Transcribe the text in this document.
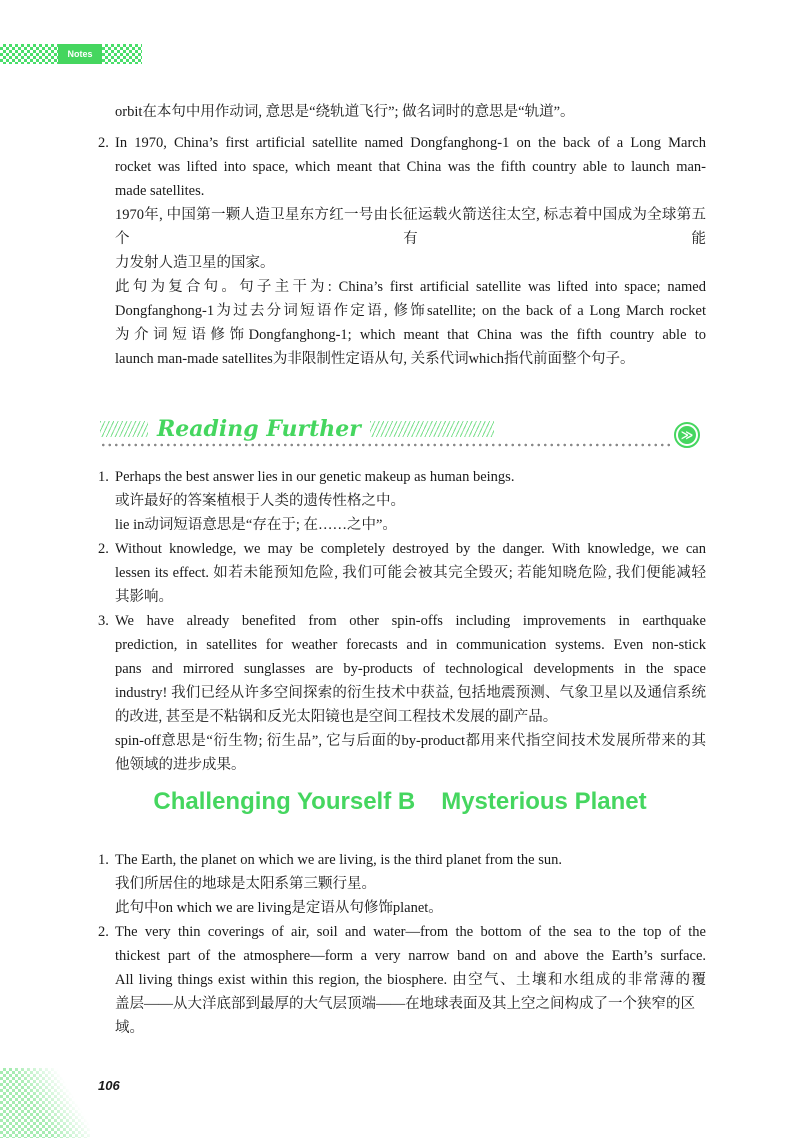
Notes
orbit在本句中用作动词, 意思是“绕轨道飞行”; 做名词时的意思是“轨道”。
2. In 1970, China’s first artificial satellite named Dongfanghong-1 on the back of a Long March
rocket was lifted into space, which meant that China was the fifth country able to launch man-
made satellites.
1970年, 中国第一颗人造卫星东方红一号由长征运载火箭送往太空, 标志着中国成为全球第五个有能
力发射人造卫星的国家。
此句为复合句。句子主干为: China’s first artificial satellite was lifted into space; named
Dongfanghong-1为过去分词短语作定语, 修饰satellite; on the back of a Long March rocket
为介词短语修饰Dongfanghong-1; which meant that China was the fifth country able to
launch man-made satellites为非限制性定语从句, 关系代词which指代前面整个句子。
Reading Further	≫
1. Perhaps the best answer lies in our genetic makeup as human beings.
或许最好的答案植根于人类的遗传性格之中。
lie in动词短语意思是“存在于; 在……之中”。
2. Without knowledge, we may be completely destroyed by the danger. With knowledge, we can
lessen its effect. 如若未能预知危险, 我们可能会被其完全毁灭; 若能知晓危险, 我们便能减轻
其影响。
3. We have already benefited from other spin-offs including improvements in earthquake
prediction, in satellites for weather forecasts and in communication systems. Even non-stick
pans and mirrored sunglasses are by-products of technological developments in the space
industry! 我们已经从许多空间探索的衍生技术中获益, 包括地震预测、气象卫星以及通信系统
的改进, 甚至是不粘锅和反光太阳镜也是空间工程技术发展的副产品。
spin-off意思是“衍生物; 衍生品”, 它与后面的by-product都用来代指空间技术发展所带来的其
他领域的进步成果。
Challenging Yourself B Mysterious Planet
1. The Earth, the planet on which we are living, is the third planet from the sun.
我们所居住的地球是太阳系第三颗行星。
此句中on which we are living是定语从句修饰planet。
2. The very thin coverings of air, soil and water—from the bottom of the sea to the top of the
thickest part of the atmosphere—form a very narrow band on and above the Earth’s surface.
All living things exist within this region, the biosphere. 由空气、土壤和水组成的非常薄的覆
盖层——从大洋底部到最厚的大气层顶端——在地球表面及其上空之间构成了一个狭窄的区域。
106
